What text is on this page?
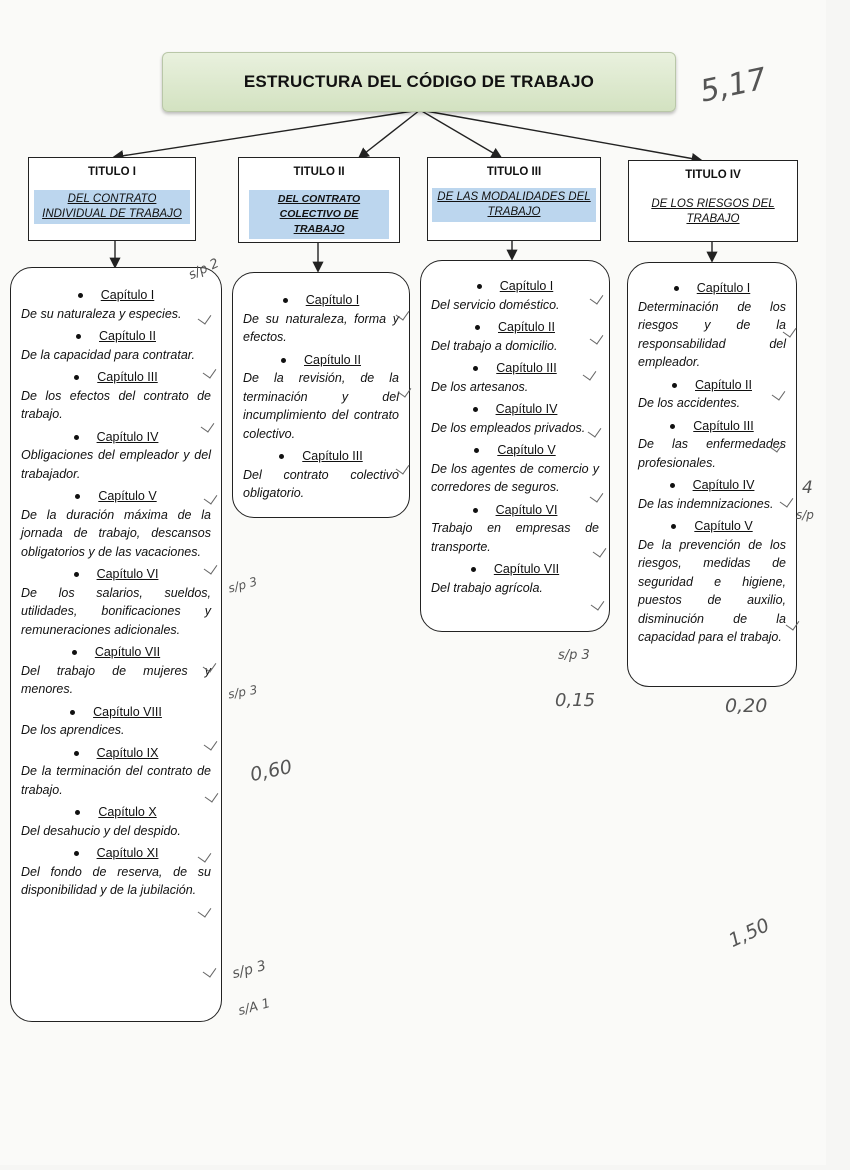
ESTRUCTURA DEL CÓDIGO DE TRABAJO
TITULO I
DEL CONTRATO INDIVIDUAL DE TRABAJO
TITULO II
DEL CONTRATO COLECTIVO DE TRABAJO
TITULO III
DE LAS MODALIDADES DEL TRABAJO
TITULO IV
DE LOS RIESGOS DEL TRABAJO
Capítulo I
De su naturaleza y especies.
Capítulo II
De la capacidad para contratar.
Capítulo III
De los efectos del contrato de trabajo.
Capítulo IV
Obligaciones del empleador y del trabajador.
Capítulo V
De la duración máxima de la jornada de trabajo, descansos obligatorios y de las vacaciones.
Capítulo VI
De los salarios, sueldos, utilidades, bonificaciones y remuneraciones adicionales.
Capítulo VII
Del trabajo de mujeres y menores.
Capítulo VIII
De los aprendices.
Capítulo IX
De la terminación del contrato de trabajo.
Capítulo X
Del desahucio y del despido.
Capítulo XI
Del fondo de reserva, de su disponibilidad y de la jubilación.
Capítulo I
De su naturaleza, forma y efectos.
Capítulo II
De la revisión, de la terminación y del incumplimiento del contrato colectivo.
Capítulo III
Del contrato colectivo obligatorio.
Capítulo I
Del servicio doméstico.
Capítulo II
Del trabajo a domicilio.
Capítulo III
De los artesanos.
Capítulo IV
De los empleados privados.
Capítulo V
De los agentes de comercio y corredores de seguros.
Capítulo VI
Trabajo en empresas de transporte.
Capítulo VII
Del trabajo agrícola.
Capítulo I
Determinación de los riesgos y de la responsabilidad del empleador.
Capítulo II
De los accidentes.
Capítulo III
De las enfermedades profesionales.
Capítulo IV
De las indemnizaciones.
Capítulo V
De la prevención de los riesgos, medidas de seguridad e higiene, puestos de auxilio, disminución de la capacidad para el trabajo.
5,17
0,60
0,15	0,20
1,50
s/p 2
s/p 3
s/p 3
s/p 3
s/p 3
s/A 1
4
s/p
